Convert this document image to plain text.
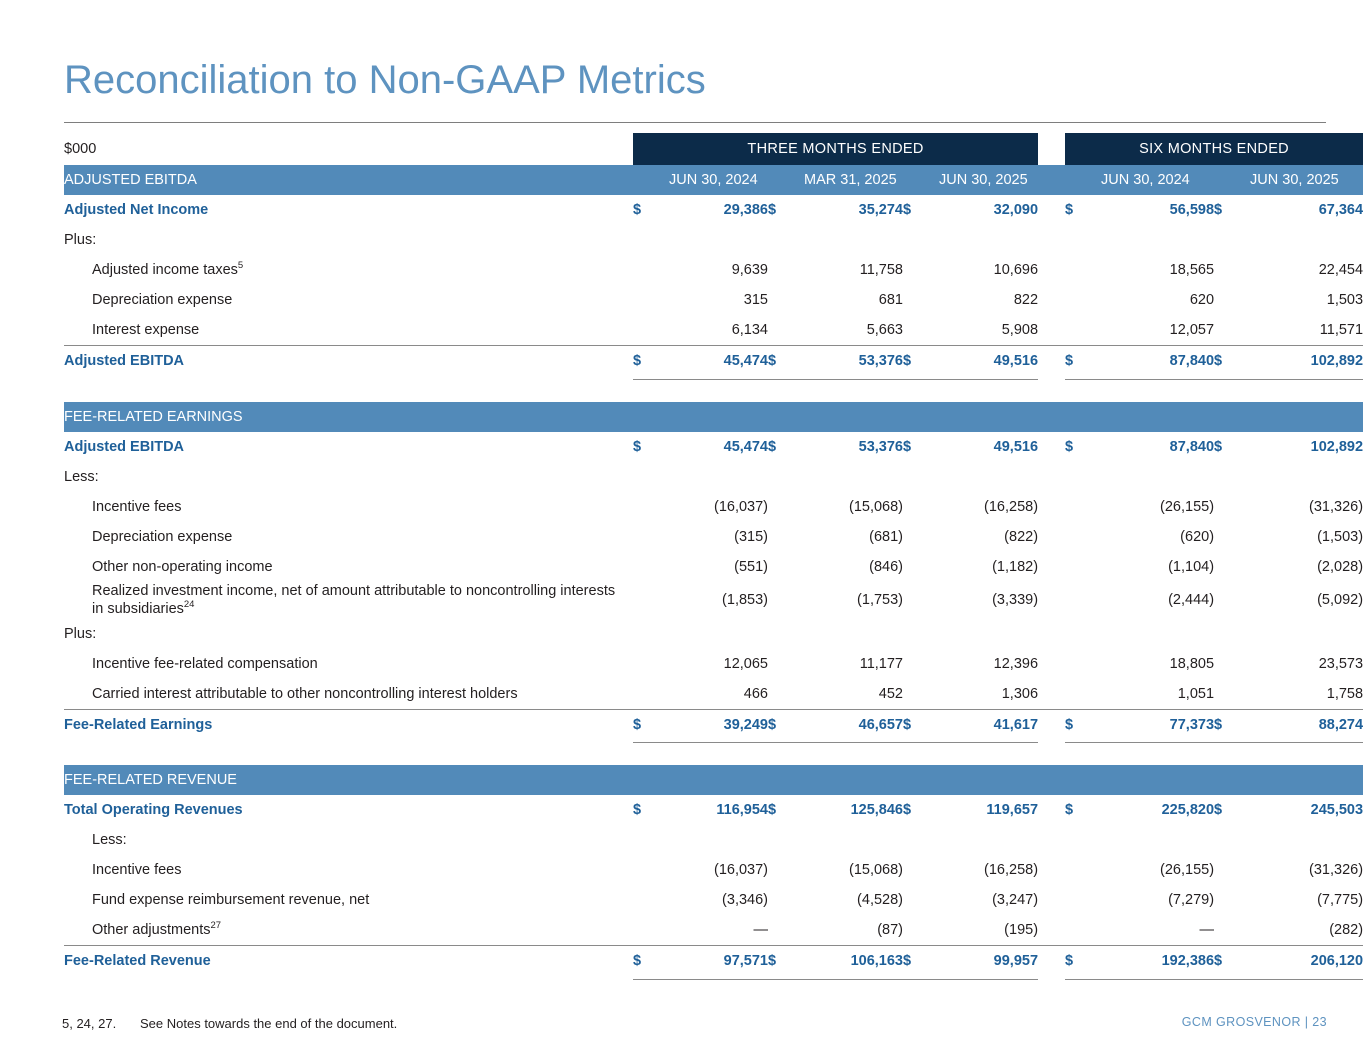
Reconciliation to Non-GAAP Metrics
$000	THREE MONTHS ENDED							SIX MONTHS ENDED			
ADJUSTED EBITDA		JUN 30, 2024		MAR 31, 2025		JUN 30, 2025			JUN 30, 2024		JUN 30, 2025
Adjusted Net Income	$	29,386	$	35,274	$	32,090		$	56,598	$	67,364
Plus:											
Adjusted income taxes$^5$		9,639		11,758		10,696			18,565		22,454
Depreciation expense		315		681		822			620		1,503
Interest expense		6,134		5,663		5,908			12,057		11,571
Adjusted EBITDA	$	45,474	$	53,376	$	49,516		$	87,840	$	102,892

FEE-RELATED EARNINGS											
Adjusted EBITDA	$	45,474	$	53,376	$	49,516		$	87,840	$	102,892
Less:											
Incentive fees		(16,037)		(15,068)		(16,258)			(26,155)		(31,326)
Depreciation expense		(315)		(681)		(822)			(620)		(1,503)
Other non-operating income		(551)		(846)		(1,182)			(1,104)		(2,028)
Realized investment income, net of amount attributable to noncontrolling interests in subsidiaries$^{24}$		(1,853)		(1,753)		(3,339)			(2,444)		(5,092)
Plus:											
Incentive fee-related compensation		12,065		11,177		12,396			18,805		23,573
Carried interest attributable to other noncontrolling interest holders		466		452		1,306			1,051		1,758
Fee-Related Earnings	$	39,249	$	46,657	$	41,617		$	77,373	$	88,274

FEE-RELATED REVENUE											
Total Operating Revenues	$	116,954	$	125,846	$	119,657		$	225,820	$	245,503
Less:											
Incentive fees		(16,037)		(15,068)		(16,258)			(26,155)		(31,326)
Fund expense reimbursement revenue, net		(3,346)		(4,528)		(3,247)			(7,279)		(7,775)
Other adjustments$^{27}$		—		(87)		(195)			—		(282)
Fee-Related Revenue	$	97,571	$	106,163	$	99,957		$	192,386	$	206,120

5, 24, 27. See Notes towards the end of the document.	GCM GROSVENOR | 23
